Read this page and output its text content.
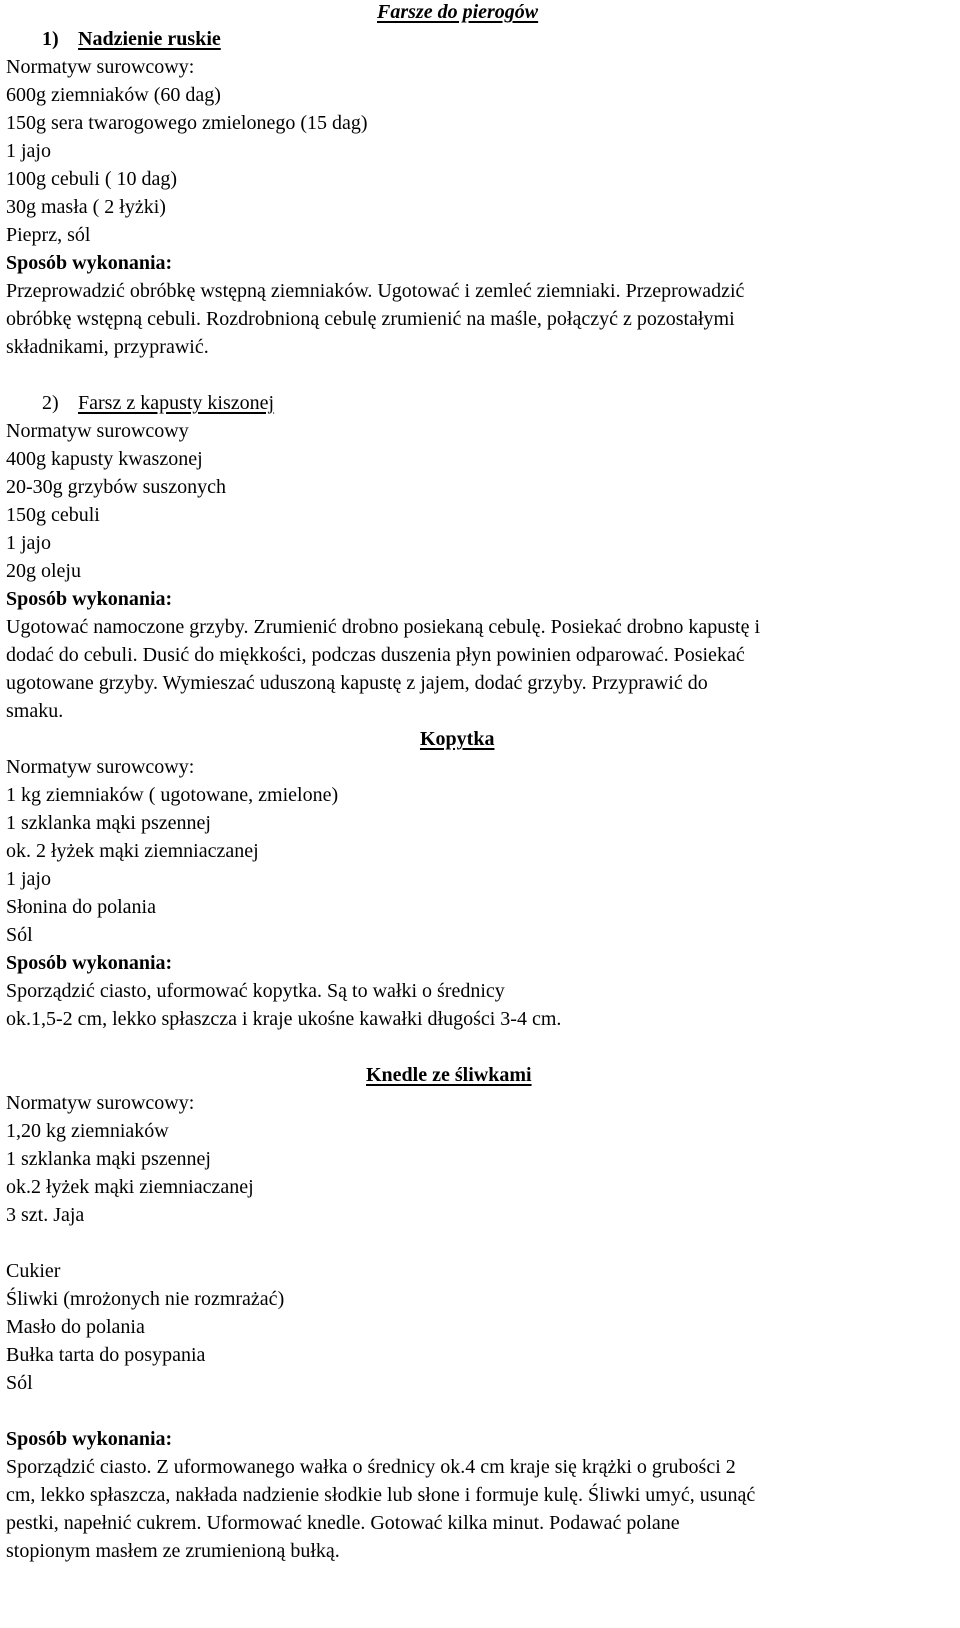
Farsze do pierogów
1) Nadzienie ruskie
Normatyw surowcowy:
600g ziemniaków (60 dag)
150g sera twarogowego zmielonego (15 dag)
1 jajo
100g cebuli ( 10 dag)
30g masła ( 2 łyżki)
Pieprz, sól
Sposób wykonania:
Przeprowadzić obróbkę wstępną ziemniaków. Ugotować i zemleć ziemniaki. Przeprowadzić
obróbkę wstępną cebuli. Rozdrobnioną cebulę zrumienić na maśle, połączyć z pozostałymi
składnikami, przyprawić.
2) Farsz z kapusty kiszonej
Normatyw surowcowy
400g kapusty kwaszonej
20-30g grzybów suszonych
150g cebuli
1 jajo
20g oleju
Sposób wykonania:
Ugotować namoczone grzyby. Zrumienić drobno posiekaną cebulę. Posiekać drobno kapustę i
dodać do cebuli. Dusić do miękkości, podczas duszenia płyn powinien odparować. Posiekać
ugotowane grzyby. Wymieszać uduszoną kapustę z jajem, dodać grzyby. Przyprawić do
smaku.
Kopytka
Normatyw surowcowy:
1 kg ziemniaków ( ugotowane, zmielone)
1 szklanka mąki pszennej
ok. 2 łyżek mąki ziemniaczanej
1 jajo
Słonina do polania
Sól
Sposób wykonania:
Sporządzić ciasto, uformować kopytka. Są to wałki o średnicy
ok.1,5-2 cm, lekko spłaszcza i kraje ukośne kawałki długości 3-4 cm.
Knedle ze śliwkami
Normatyw surowcowy:
1,20 kg ziemniaków
1 szklanka mąki pszennej
ok.2 łyżek mąki ziemniaczanej
3 szt. Jaja
Cukier
Śliwki (mrożonych nie rozmrażać)
Masło do polania
Bułka tarta do posypania
Sól
Sposób wykonania:
Sporządzić ciasto. Z uformowanego wałka o średnicy ok.4 cm kraje się krążki o grubości 2
cm, lekko spłaszcza, nakłada nadzienie słodkie lub słone i formuje kulę. Śliwki umyć, usunąć
pestki, napełnić cukrem. Uformować knedle. Gotować kilka minut. Podawać polane
stopionym masłem ze zrumienioną bułką.
